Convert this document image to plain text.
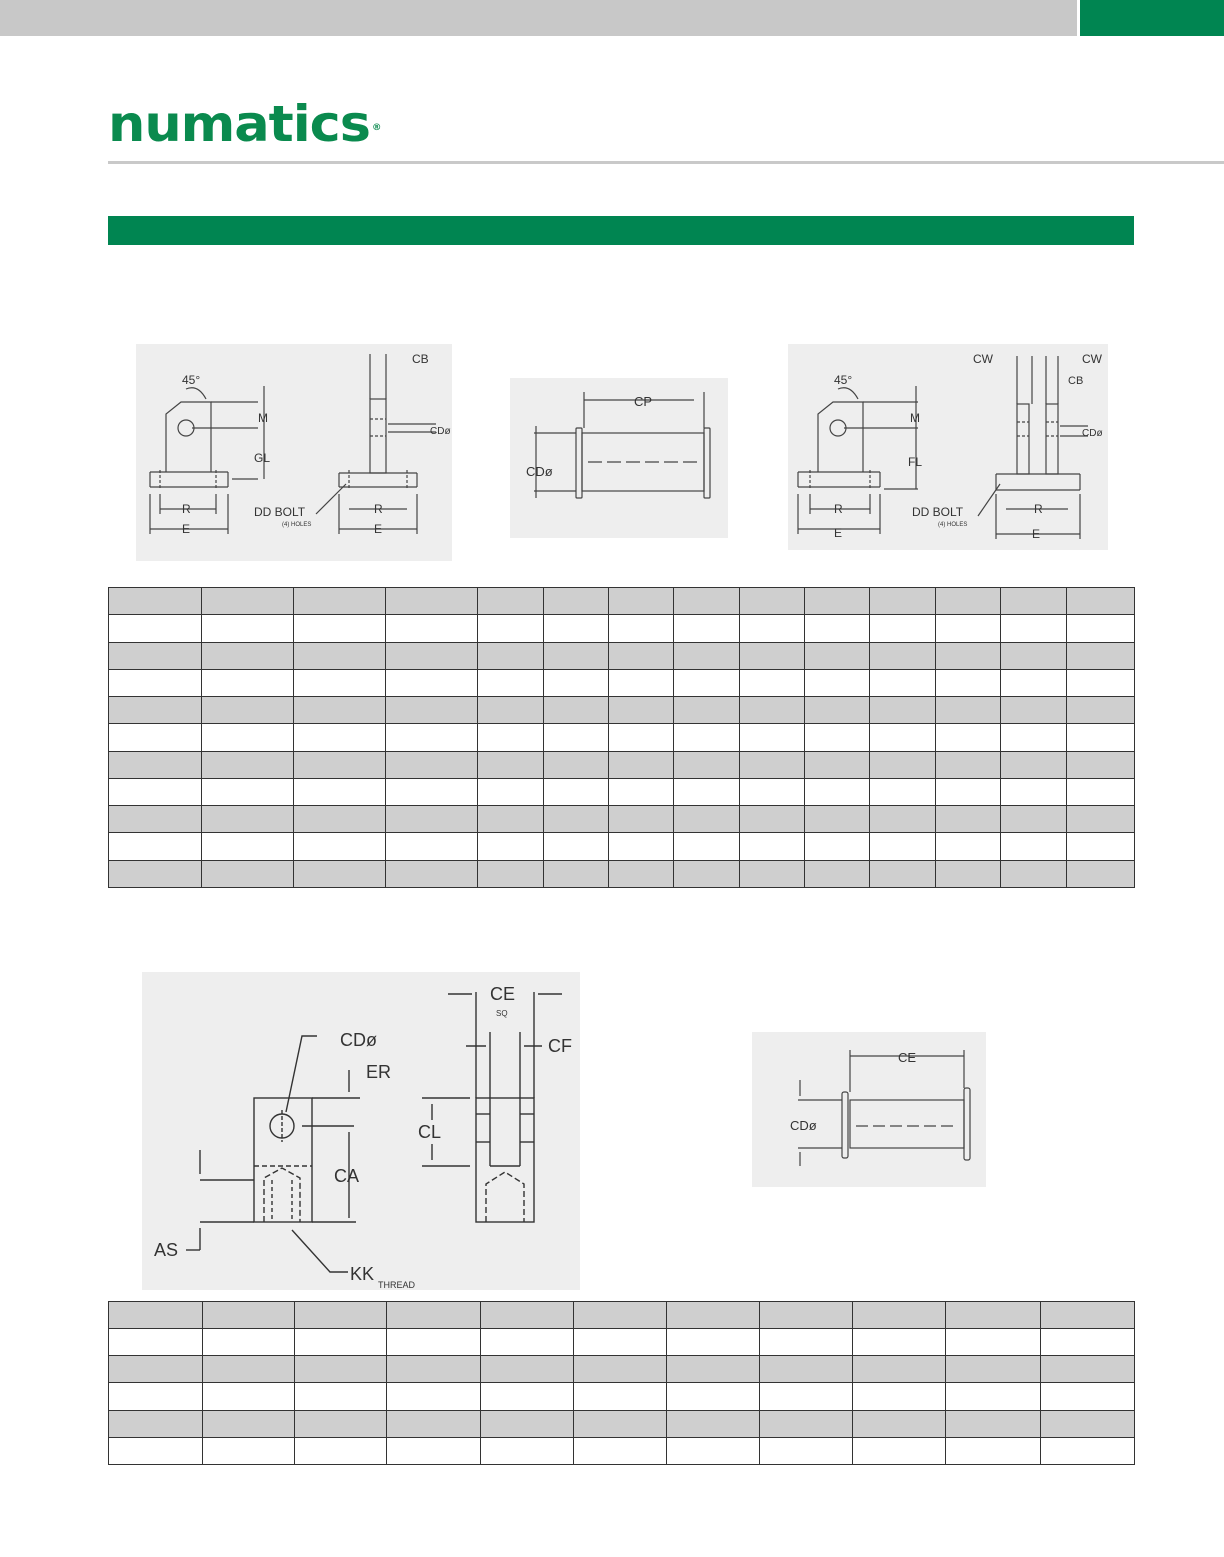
numatics ®
45°
M
GL
R
E
DD BOLT
(4) HOLES
CB
CDø
R
E
CP
CDø
CW	CW
CB
45°
M
FL
CDø
R
E
R
E
DD BOLT
(4) HOLES

CDø
ER
CA
AS
KK
THREAD
CE
SQ
CF
CL
CE
CDø
